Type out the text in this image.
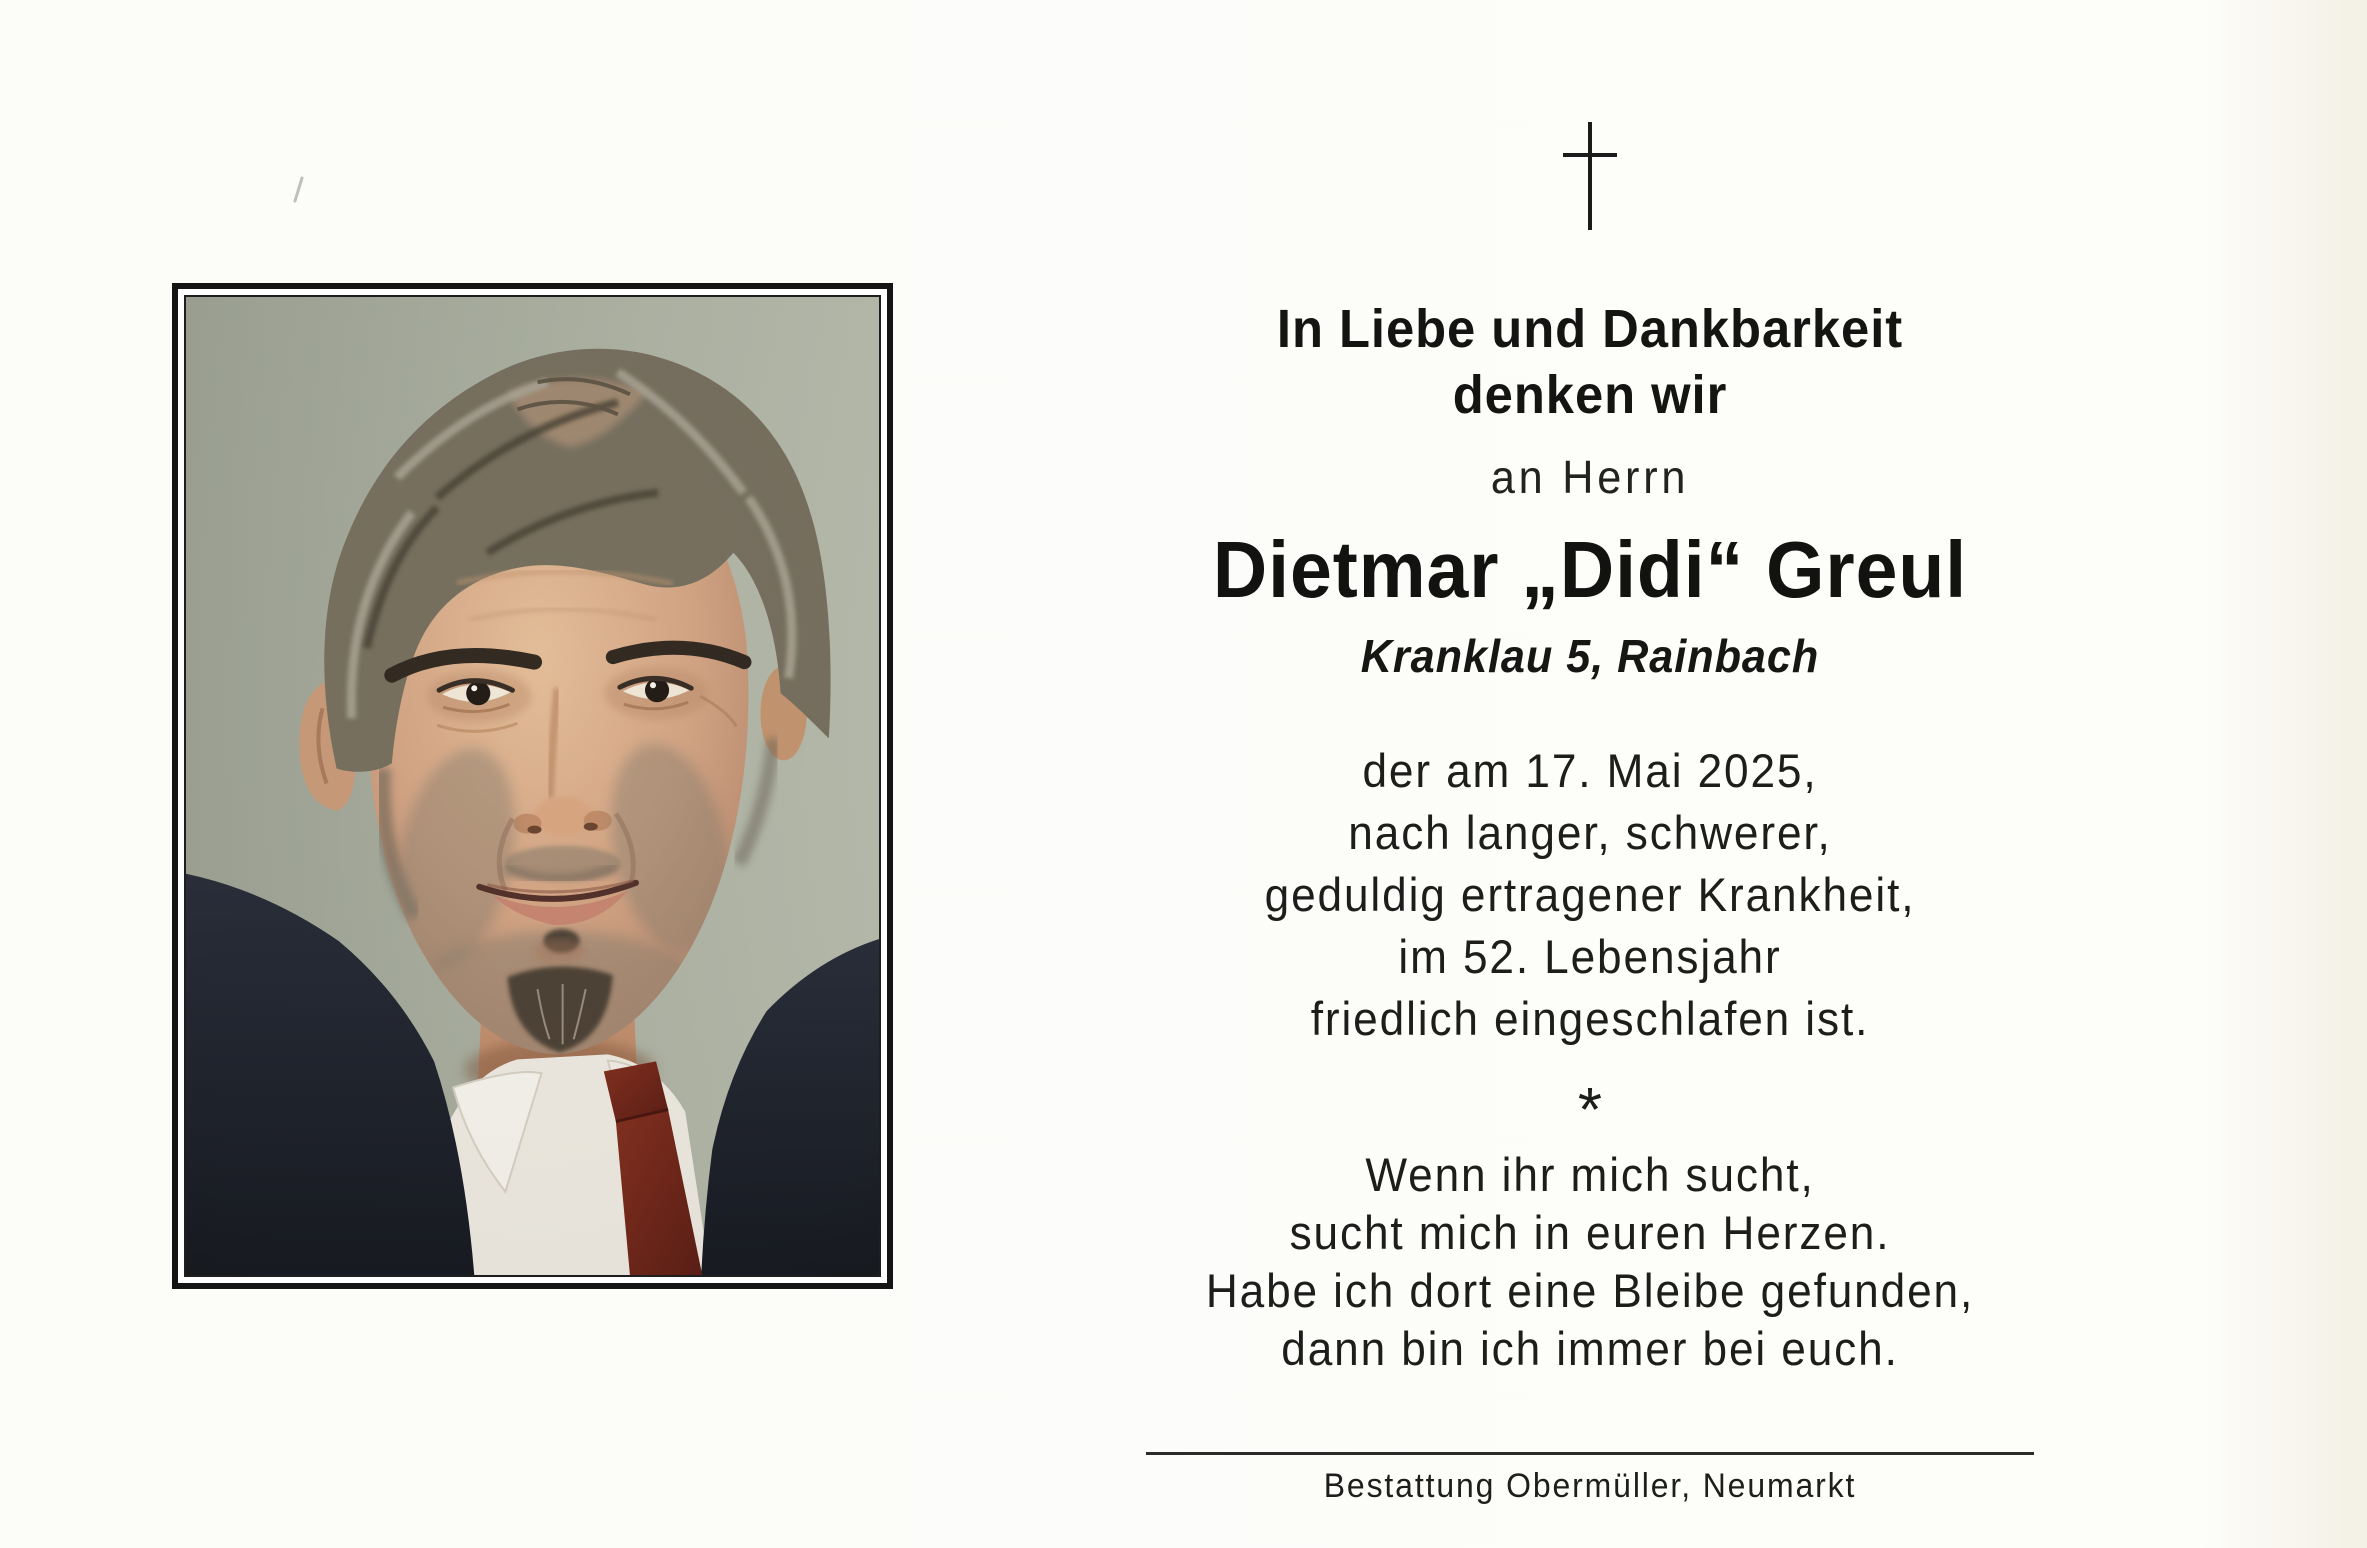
In Liebe und Dankbarkeit
denken wir
an Herrn
Dietmar „Didi“ Greul
Kranklau 5, Rainbach
der am 17. Mai 2025,
nach langer, schwerer,
geduldig ertragener Krankheit,
im 52. Lebensjahr
friedlich eingeschlafen ist.
*
Wenn ihr mich sucht,
sucht mich in euren Herzen.
Habe ich dort eine Bleibe gefunden,
dann bin ich immer bei euch.
Bestattung Obermüller, Neumarkt
